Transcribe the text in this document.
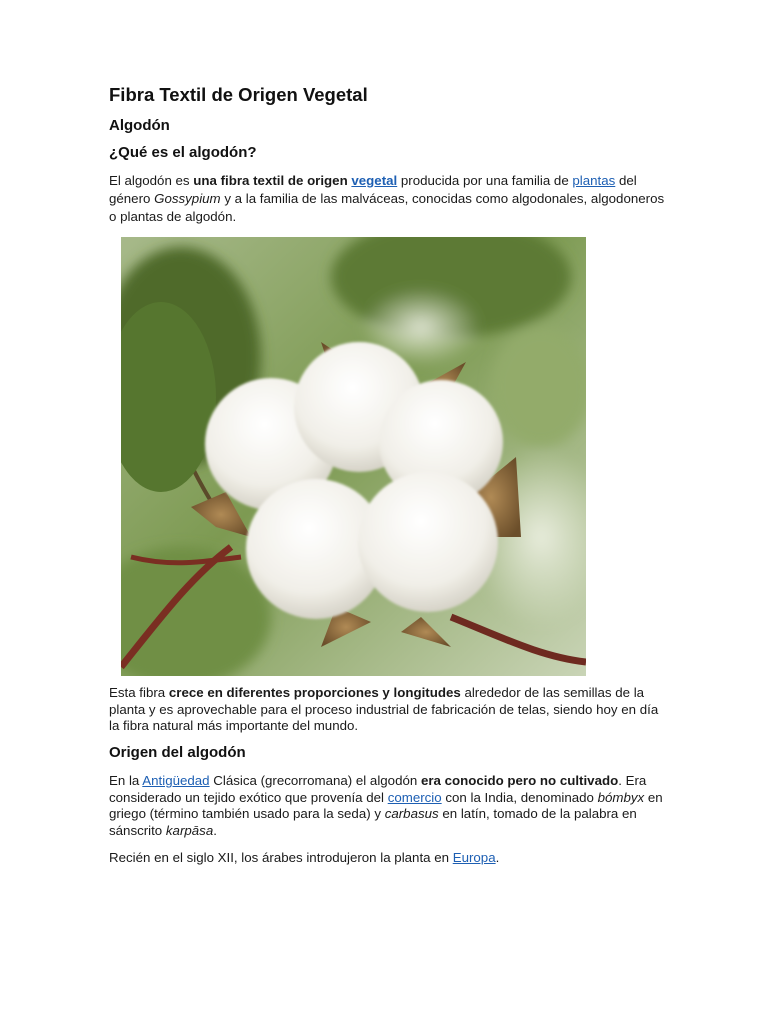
Fibra Textil de Origen Vegetal
Algodón
¿Qué es el algodón?

El algodón es una fibra textil de origen vegetal producida por una familia de plantas del género Gossypium y a la familia de las malváceas, conocidas como algodonales, algodoneros o plantas de algodón.

Esta fibra crece en diferentes proporciones y longitudes alrededor de las semillas de la planta y es aprovechable para el proceso industrial de fabricación de telas, siendo hoy en día la fibra natural más importante del mundo.

Origen del algodón

En la Antigüedad Clásica (grecorromana) el algodón era conocido pero no cultivado. Era considerado un tejido exótico que provenía del comercio con la India, denominado bómbyx en griego (término también usado para la seda) y carbasus en latín, tomado de la palabra en sánscrito karpāsa.

Recién en el siglo XII, los árabes introdujeron la planta en Europa.
